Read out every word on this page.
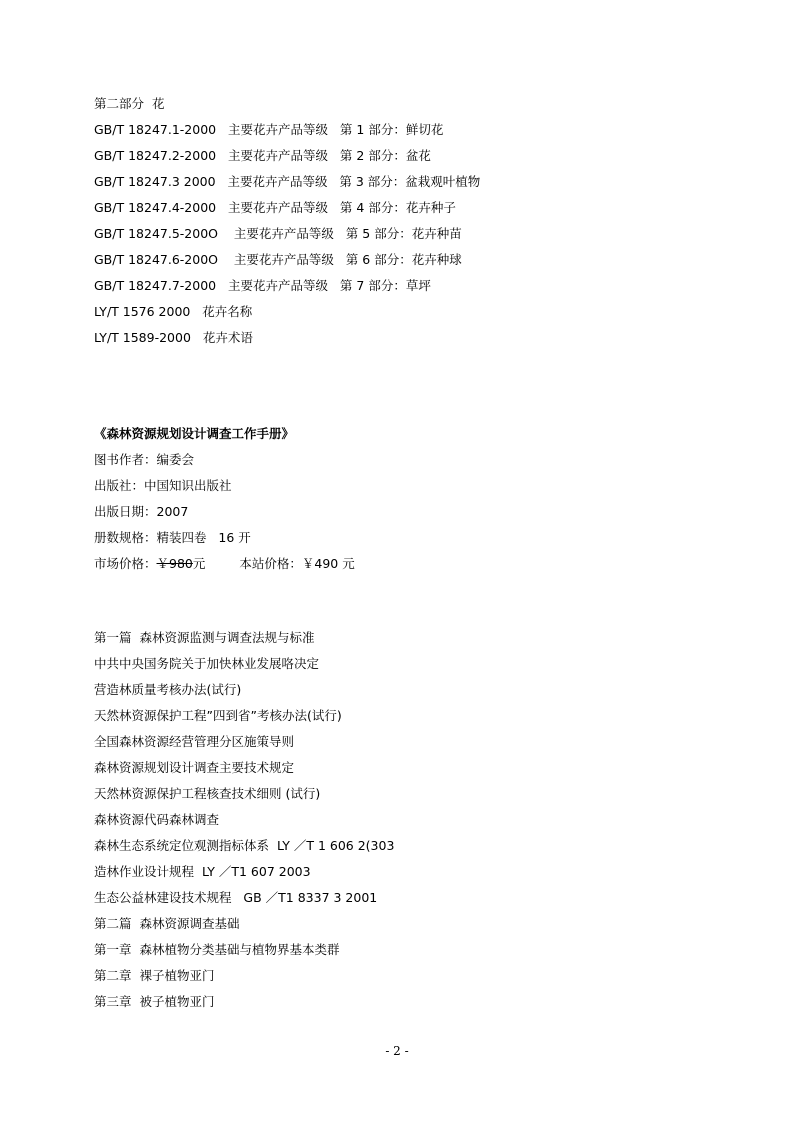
第二部分  花

GB/T 18247.1-2000   主要花卉产品等级   第 1 部分：鲜切花

GB/T 18247.2-2000   主要花卉产品等级   第 2 部分：盆花

GB/T 18247.3 2000   主要花卉产品等级   第 3 部分：盆栽观叶植物

GB/T 18247.4-2000   主要花卉产品等级   第 4 部分：花卉种子

GB/T 18247.5-200O    主要花卉产品等级   第 5 部分：花卉种苗

GB/T 18247.6-200O    主要花卉产品等级   第 6 部分：花卉种球

GB/T 18247.7-2000   主要花卉产品等级   第 7 部分：草坪

LY/T 1576 2000   花卉名称

LY/T 1589-2000   花卉术语

《森林资源规划设计调查工作手册》

图书作者：编委会

出版社：中国知识出版社

出版日期：2007

册数规格：精装四卷   16 开

市场价格：￥980元	本站价格：￥490 元

第一篇  森林资源监测与调查法规与标准

中共中央国务院关于加快林业发展咯决定

营造林质量考核办法(试行)

天然林资源保护工程”四到省”考核办法(试行)

全国森林资源经营管理分区施策导则

森林资源规划设计调查主要技术规定

天然林资源保护工程核查技术细则 (试行)

森林资源代码森林调查

森林生态系统定位观测指标体系  LY ／T 1 606 2(303

造林作业设计规程  LY ／T1 607 2003

生态公益林建设技术规程   GB ／T1 8337 3 2001

第二篇  森林资源调查基础

第一章  森林植物分类基础与植物界基本类群

第二章  裸子植物亚门

第三章  被子植物亚门

- 2 -
